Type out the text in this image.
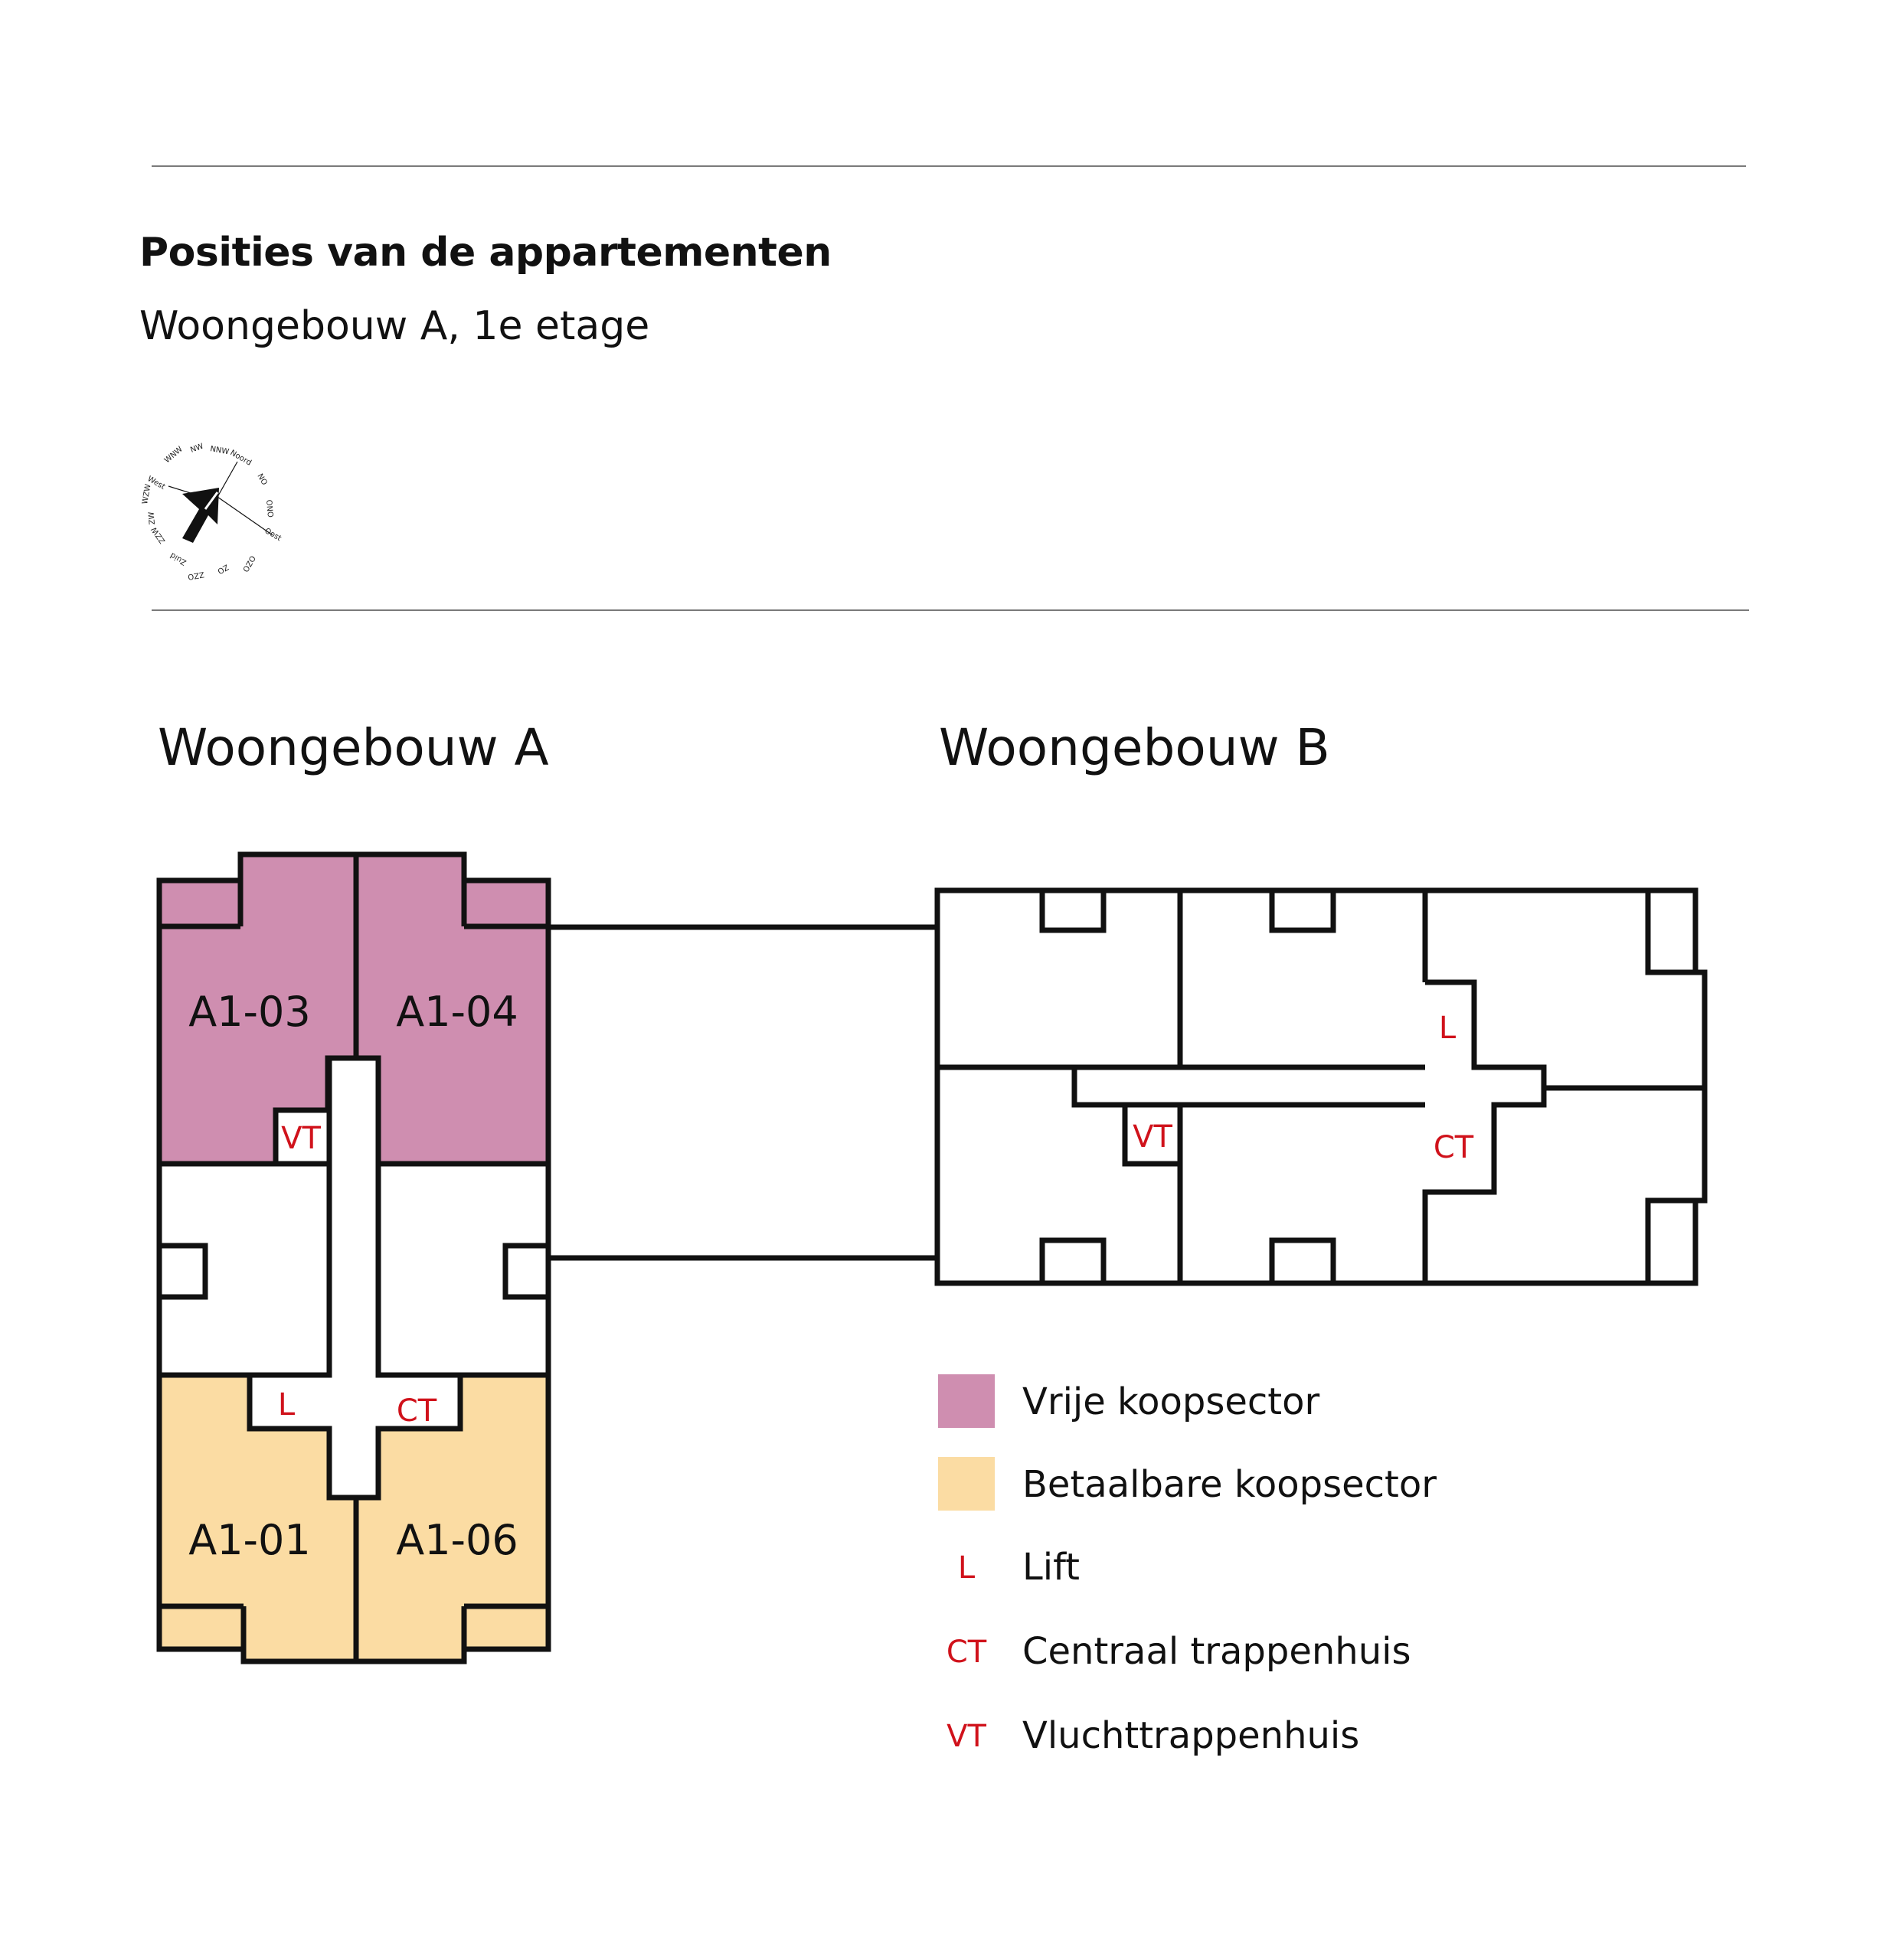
Posities van de appartementen
Woongebouw A, 1e etage
Noord
NO
ONO
Oost
OZO
ZO
ZZO
Zuid
ZZW
ZW
WZW
West
WNW NW NNW
Woongebouw A	Woongebouw B
A1-03 A1-04
A1-01 A1-06
VT
L	CT
L
VT	CT
Vrije koopsector
Betaalbare koopsector
L	Lift
CT Centraal trappenhuis
VT Vluchttrappenhuis
